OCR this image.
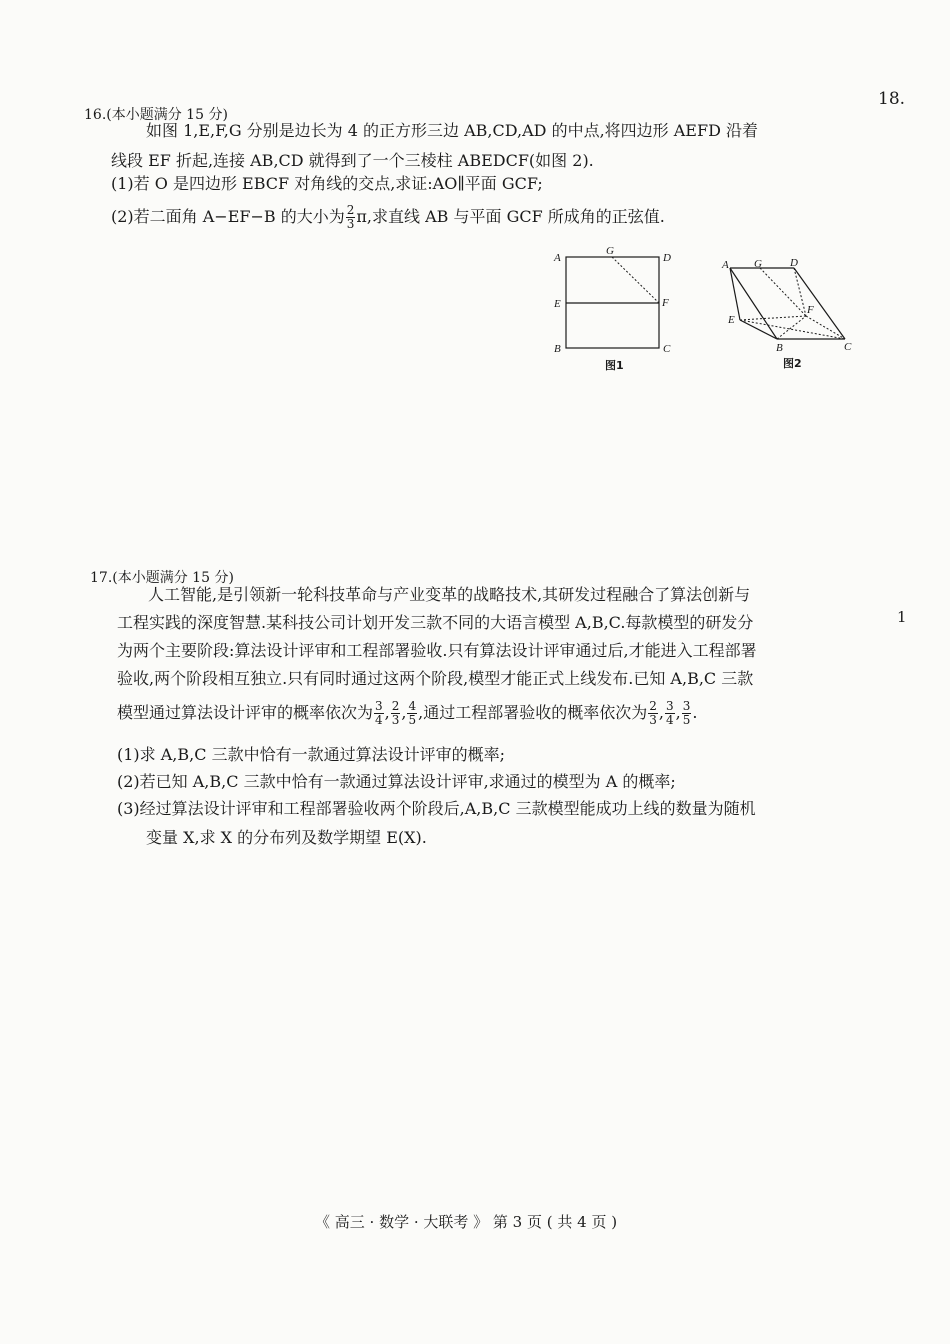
18.
1
16.(本小题满分 15 分)
如图 1,E,F,G 分别是边长为 4 的正方形三边 AB,CD,AD 的中点,将四边形 AEFD 沿着
线段 EF 折起,连接 AB,CD 就得到了一个三棱柱 ABEDCF(如图 2).
(1)若 O 是四边形 EBCF 对角线的交点,求证:AO∥平面 GCF;
(2)若二面角 A−EF−B 的大小为 $\frac{2}{3} \pi$,求直线 AB 与平面 GCF 所成角的正弦值.
A
G
D
E	F
B	C
图1
A G	D
E
F
B	C
图2
17.(本小题满分 15 分)
人工智能,是引领新一轮科技革命与产业变革的战略技术,其研发过程融合了算法创新与
工程实践的深度智慧.某科技公司计划开发三款不同的大语言模型 A,B,C.每款模型的研发分
为两个主要阶段:算法设计评审和工程部署验收.只有算法设计评审通过后,才能进入工程部署
验收,两个阶段相互独立.只有同时通过这两个阶段,模型才能正式上线发布.已知 A,B,C 三款
模型通过算法设计评审的概率依次为 $\frac{3}{4}$ , $\frac{2}{3}$ , $\frac{4}{5}$ ,通过工程部署验收的概率依次为 $\frac{2}{3}$ , $\frac{3}{4}$ , $\frac{3}{5}$ .
(1)求 A,B,C 三款中恰有一款通过算法设计评审的概率;
(2)若已知 A,B,C 三款中恰有一款通过算法设计评审,求通过的模型为 A 的概率;
(3)经过算法设计评审和工程部署验收两个阶段后,A,B,C 三款模型能成功上线的数量为随机
变量 X,求 X 的分布列及数学期望 E(X).
《 高三 · 数学 · 大联考 》 第 3 页 ( 共 4 页 )
